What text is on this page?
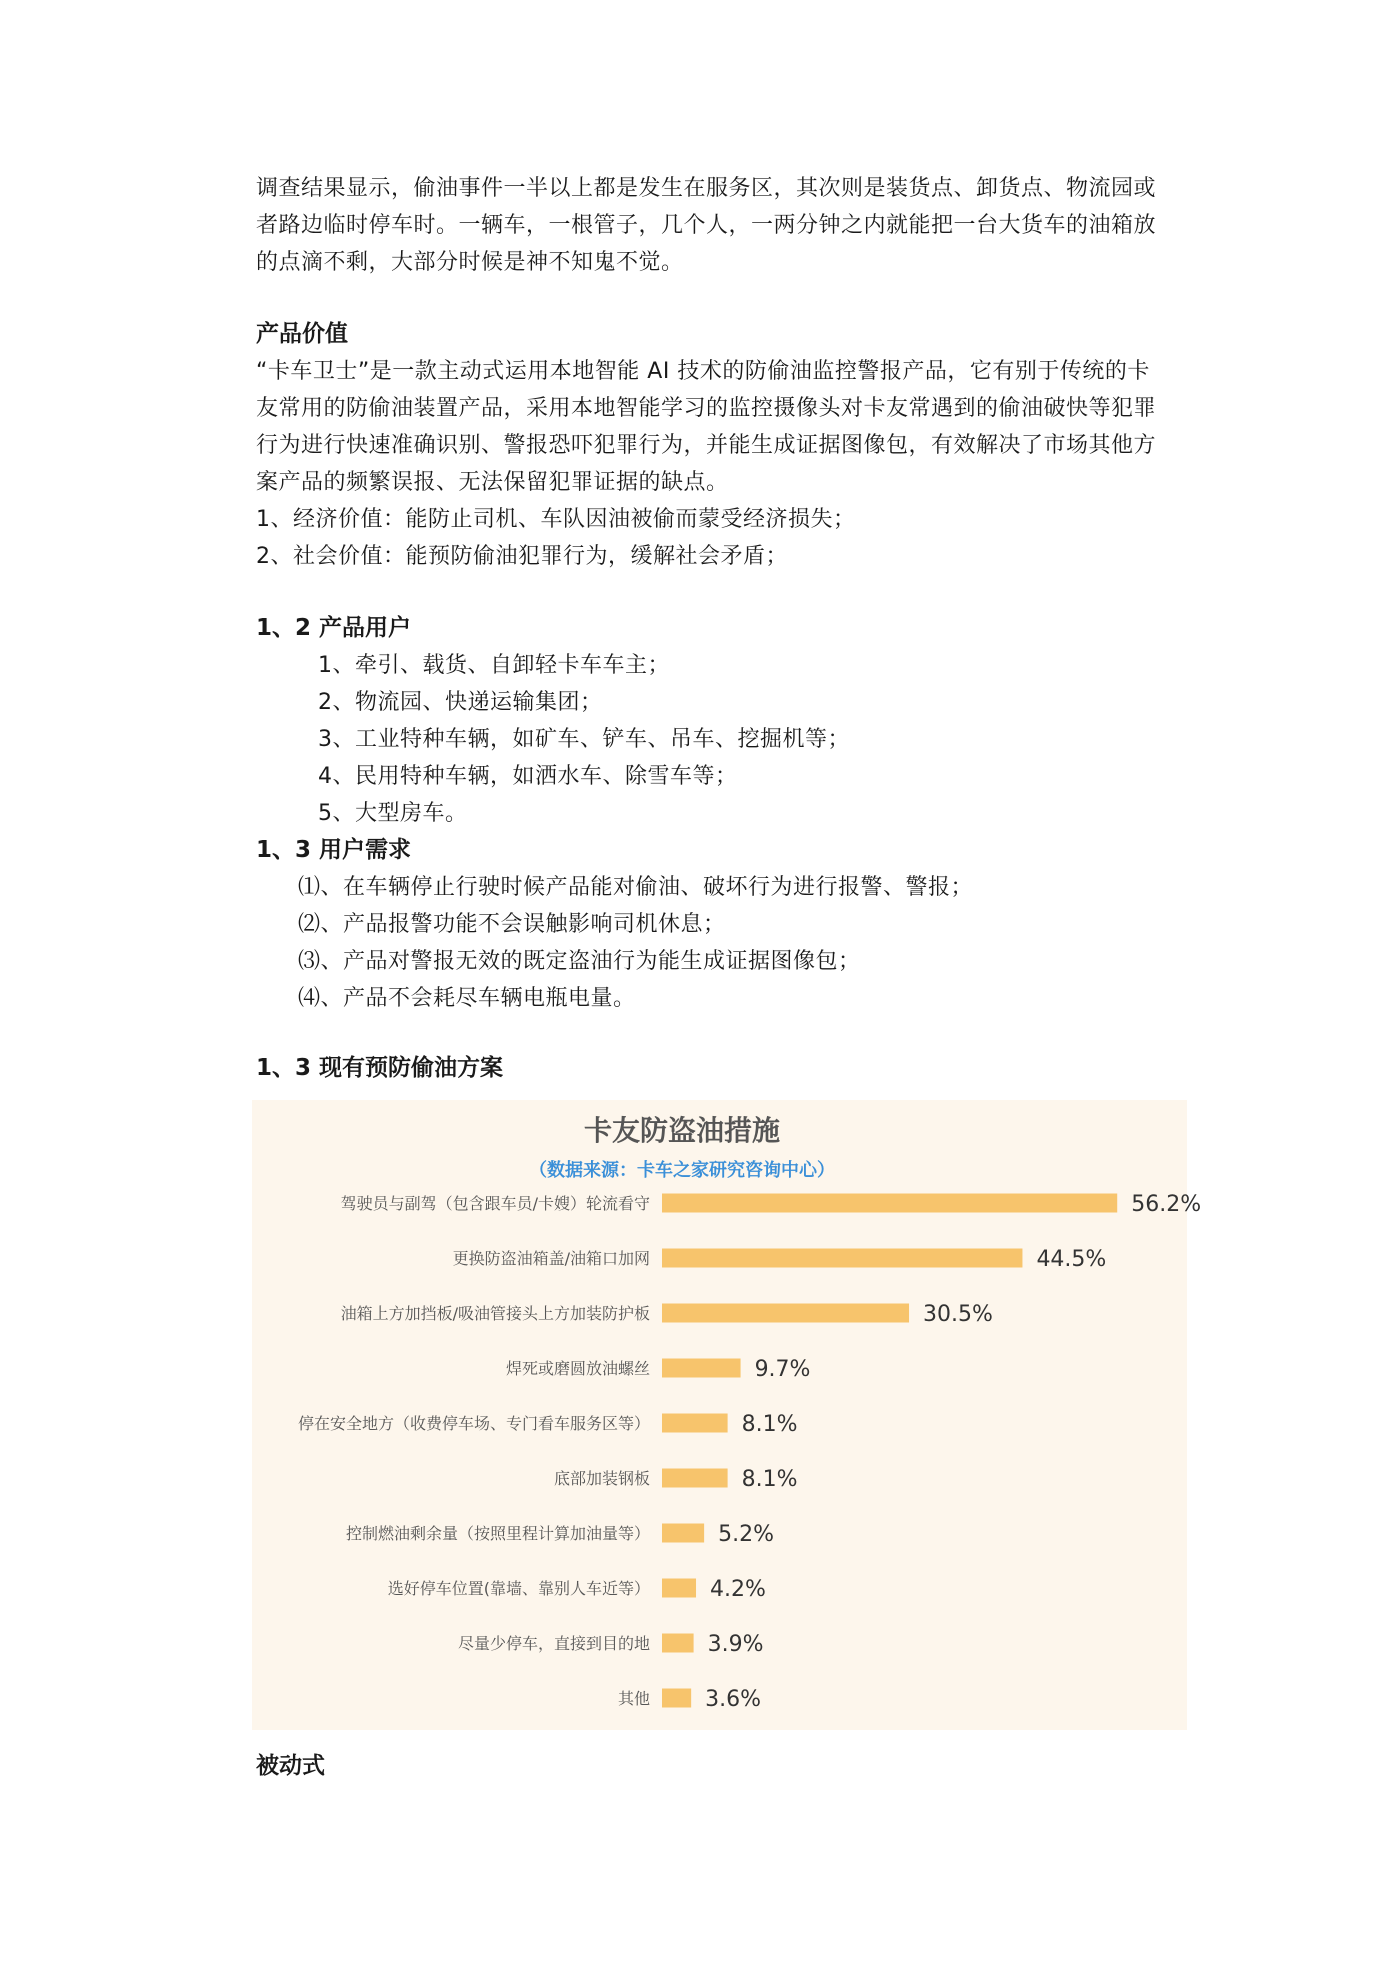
调查结果显示，偷油事件一半以上都是发生在服务区，其次则是装货点、卸货点、物流园或
者路边临时停车时。一辆车，一根管子，几个人，一两分钟之内就能把一台大货车的油箱放
的点滴不剩，大部分时候是神不知鬼不觉。

产品价值

“卡车卫士”是一款主动式运用本地智能 AI 技术的防偷油监控警报产品，它有别于传统的卡
友常用的防偷油装置产品，采用本地智能学习的监控摄像头对卡友常遇到的偷油破快等犯罪
行为进行快速准确识别、警报恐吓犯罪行为，并能生成证据图像包，有效解决了市场其他方
案产品的频繁误报、无法保留犯罪证据的缺点。
1、经济价值：能防止司机、车队因油被偷而蒙受经济损失；
2、社会价值：能预防偷油犯罪行为，缓解社会矛盾；

1、2 产品用户

1、牵引、载货、自卸轻卡车车主；
2、物流园、快递运输集团；
3、工业特种车辆，如矿车、铲车、吊车、挖掘机等；
4、民用特种车辆，如洒水车、除雪车等；
5、大型房车。

1、3 用户需求

⑴、在车辆停止行驶时候产品能对偷油、破坏行为进行报警、警报；
⑵、产品报警功能不会误触影响司机休息；
⑶、产品对警报无效的既定盗油行为能生成证据图像包；
⑷、产品不会耗尽车辆电瓶电量。

1、3 现有预防偷油方案

卡友防盗油措施
（数据来源：卡车之家研究咨询中心）
驾驶员与副驾（包含跟车员/卡嫂）轮流看守	56.2%
更换防盗油箱盖/油箱口加网	44.5%
油箱上方加挡板/吸油管接头上方加装防护板	30.5%
焊死或磨圆放油螺丝	9.7%
停在安全地方（收费停车场、专门看车服务区等）	8.1%
底部加装钢板	8.1%
控制燃油剩余量（按照里程计算加油量等）	5.2%
选好停车位置(靠墙、靠别人车近等）	4.2%
尽量少停车，直接到目的地	3.9%
其他	3.6%

被动式
